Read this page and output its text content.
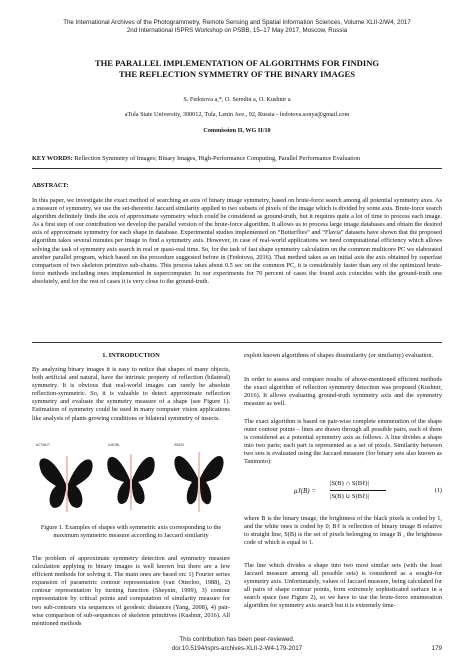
The International Archives of the Photogrammetry, Remote Sensing and Spatial Information Sciences, Volume XLII-2/W4, 2017
2nd International ISPRS Workshop on PSBB, 15–17 May 2017, Moscow, Russia
THE PARALLEL IMPLEMENTATION OF ALGORITHMS FOR FINDING
THE REFLECTION SYMMETRY OF THE BINARY IMAGES
S. Fedotova a,*, O. Seredin a, O. Kushnir a
aTula State University, 300012, Tula, Lenin Ave., 92, Russia - fedotova.sonya@gmail.com
Commission II, WG II/10
KEY WORDS: Reflection Symmetry of Images; Binary Images, High-Performance Computing, Parallel Performance Evaluation
ABSTRACT:
In this paper, we investigate the exact method of searching an axis of binary image symmetry, based on brute-force search among all potential symmetry axes. As a measure of symmetry, we use the set-theoretic Jaccard similarity applied to two subsets of pixels of the image which is divided by some axis. Brute-force search algorithm definitely finds the axis of approximate symmetry which could be considered as ground-truth, but it requires quite a lot of time to process each image. As a first step of our contribution we develop the parallel version of the brute-force algorithm. It allows us to process large image databases and obtain the desired axis of approximate symmetry for each shape in database. Experimental studies implemented on “Butterflies” and “Flavia” datasets have shown that the proposed algorithm takes several minutes per image to find a symmetry axis. However, in case of real-world applications we need computational efficiency which allows solving the task of symmetry axis search in real or quasi-real time. So, for the task of fast shape symmetry calculation on the common multicore PC we elaborated another parallel program, which based on the procedure suggested before in (Fedotova, 2016). That method takes as an initial axis the axis obtained by superfast comparison of two skeleton primitive sub-chains. This process takes about 0.5 sec on the common PC, it is considerably faster than any of the optimized brute-force methods including ones implemented in supercomputer. In our experiments for 70 percent of cases the found axis coincides with the ground-truth one absolutely, and for the rest of cases it is very close to the ground-truth.
1. INTRODUCTION
By analyzing binary images it is easy to notice that shapes of many objects, both artificial and natural, have the intrinsic property of reflection (bilateral) symmetry. It is obvious that real-world images can rarely be absolute reflection-symmetric. So, it is valuable to detect approximate reflection symmetry and evaluate the symmetry measure of a shape (see Figure 1). Estimation of symmetry could be used in many computer vision applications like analysis of plants growing conditions or bilateral symmetry of insects.
ACTWLIT	ILMORL	ISMO4
Figure 1. Examples of shapes with symmetric axis corresponding to the maximum symmetric measure according to Jaccard similarity
The problem of approximate symmetry detection and symmetry measure calculation applying to binary images is well known but there are a few efficient methods for solving it. The main ones are based on: 1) Fourier series expansion of parametric contour representation (van Otterloo, 1988), 2) contour representation by turning function (Sheynin, 1999), 3) contour representation by critical points and computation of similarity measure for two sub-contours via sequences of geodesic distances (Yang, 2008), 4) pair-wise comparison of sub-sequences of skeleton primitives (Kushnir, 2016). All mentioned methods
exploit known algorithms of shapes dissimilarity (or similarity) evaluation.
In order to assess and compare results of above-mentioned efficient methods the exact algorithm of reflection symmetry detection was proposed (Kushnir, 2016). It allows evaluating ground-truth symmetry axis and the symmetry measure as well.
The exact algorithm is based on pair-wise complete enumeration of the shape outer contour points – lines are drawn through all possible pairs, each of them is considered as a potential symmetry axis as follows. A line divides a shape into two parts; each part is represented as a set of pixels. Similarity between two sets is evaluated using the Jaccard measure (for binary sets also known as Tanimoto):
μJ(B) =
|S(B) ∩ S(Bℓ)|
|S(B) ∪ S(Bℓ)|
(1)
where B is the binary image, the brightness of the black pixels is coded by 1, and the white ones is coded by 0; Bℓ is reflection of binary image B relative to straight line, S(B) is the set of pixels belonging to image B , the brightness code of which is equal to 1.
The line which divides a shape into two most similar sets (with the least Jaccard measure among all possible sets) is considered as a sought-for symmetry axis. Unfortunately, values of Jaccard measure, being calculated for all pairs of shape contour points, form extremely sophisticated surface in a search space (see Figure 2), so we have to use the brute-force enumeration algorithm for symmetry axis search but it is extremely time-
This contribution has been peer-reviewed.
doi:10.5194/isprs-archives-XLII-2-W4-179-2017	179
